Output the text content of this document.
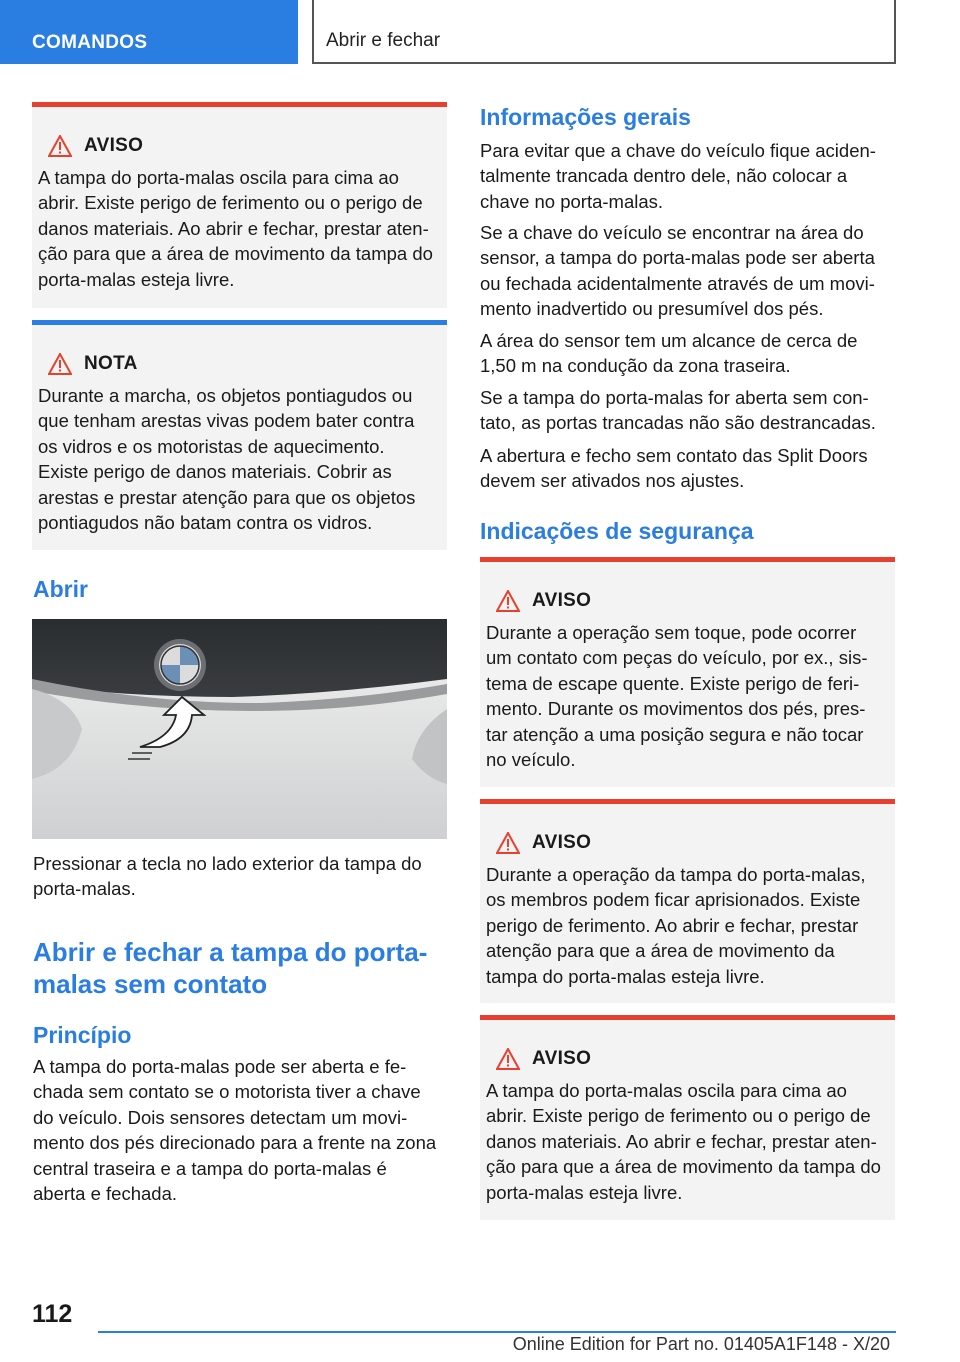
COMANDOS	Abrir e fechar
AVISO
A tampa do porta-malas oscila para cima ao
abrir. Existe perigo de ferimento ou o perigo de
danos materiais. Ao abrir e fechar, prestar aten-
ção para que a área de movimento da tampa do
porta-malas esteja livre.
NOTA
Durante a marcha, os objetos pontiagudos ou
que tenham arestas vivas podem bater contra
os vidros e os motoristas de aquecimento.
Existe perigo de danos materiais. Cobrir as
arestas e prestar atenção para que os objetos
pontiagudos não batam contra os vidros.
Abrir
Pressionar a tecla no lado exterior da tampa do
porta-malas.
Abrir e fechar a tampa do porta-
malas sem contato
Princípio
A tampa do porta-malas pode ser aberta e fe-
chada sem contato se o motorista tiver a chave
do veículo. Dois sensores detectam um movi-
mento dos pés direcionado para a frente na zona
central traseira e a tampa do porta-malas é
aberta e fechada.
Informações gerais
Para evitar que a chave do veículo fique aciden-
talmente trancada dentro dele, não colocar a
chave no porta-malas.
Se a chave do veículo se encontrar na área do
sensor, a tampa do porta-malas pode ser aberta
ou fechada acidentalmente através de um movi-
mento inadvertido ou presumível dos pés.
A área do sensor tem um alcance de cerca de
1,50 m na condução da zona traseira.
Se a tampa do porta-malas for aberta sem con-
tato, as portas trancadas não são destrancadas.
A abertura e fecho sem contato das Split Doors
devem ser ativados nos ajustes.
Indicações de segurança
AVISO
Durante a operação sem toque, pode ocorrer
um contato com peças do veículo, por ex., sis-
tema de escape quente. Existe perigo de feri-
mento. Durante os movimentos dos pés, pres-
tar atenção a uma posição segura e não tocar
no veículo.
AVISO
Durante a operação da tampa do porta-malas,
os membros podem ficar aprisionados. Existe
perigo de ferimento. Ao abrir e fechar, prestar
atenção para que a área de movimento da
tampa do porta-malas esteja livre.
AVISO
A tampa do porta-malas oscila para cima ao
abrir. Existe perigo de ferimento ou o perigo de
danos materiais. Ao abrir e fechar, prestar aten-
ção para que a área de movimento da tampa do
porta-malas esteja livre.
112
Online Edition for Part no. 01405A1F148 - X/20
